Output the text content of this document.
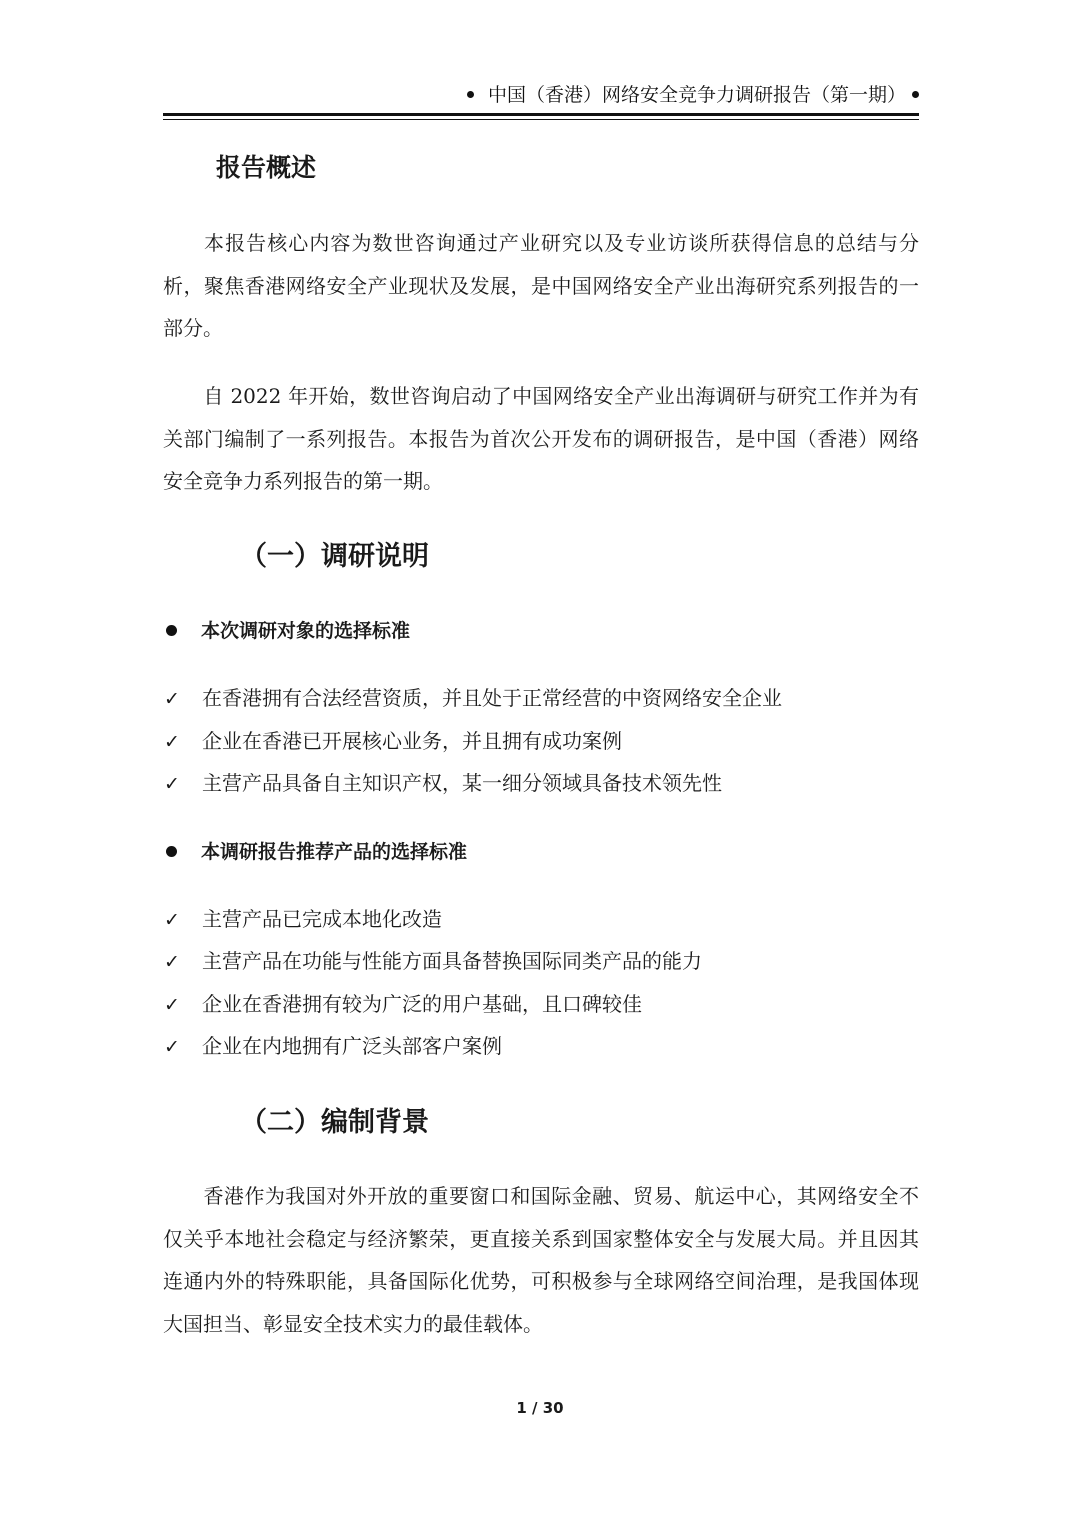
中国（香港）网络安全竞争力调研报告（第一期）
报告概述
本报告核心内容为数世咨询通过产业研究以及专业访谈所获得信息的总结与分析，聚焦香港网络安全产业现状及发展，是中国网络安全产业出海研究系列报告的一部分。
自 2022 年开始，数世咨询启动了中国网络安全产业出海调研与研究工作并为有关部门编制了一系列报告。本报告为首次公开发布的调研报告，是中国（香港）网络安全竞争力系列报告的第一期。
（一）调研说明
本次调研对象的选择标准
✓ 在香港拥有合法经营资质，并且处于正常经营的中资网络安全企业
✓ 企业在香港已开展核心业务，并且拥有成功案例
✓ 主营产品具备自主知识产权，某一细分领域具备技术领先性
本调研报告推荐产品的选择标准
✓ 主营产品已完成本地化改造
✓ 主营产品在功能与性能方面具备替换国际同类产品的能力
✓ 企业在香港拥有较为广泛的用户基础，且口碑较佳
✓ 企业在内地拥有广泛头部客户案例
（二）编制背景
香港作为我国对外开放的重要窗口和国际金融、贸易、航运中心，其网络安全不仅关乎本地社会稳定与经济繁荣，更直接关系到国家整体安全与发展大局。并且因其连通内外的特殊职能，具备国际化优势，可积极参与全球网络空间治理，是我国体现大国担当、彰显安全技术实力的最佳载体。
1 / 30
